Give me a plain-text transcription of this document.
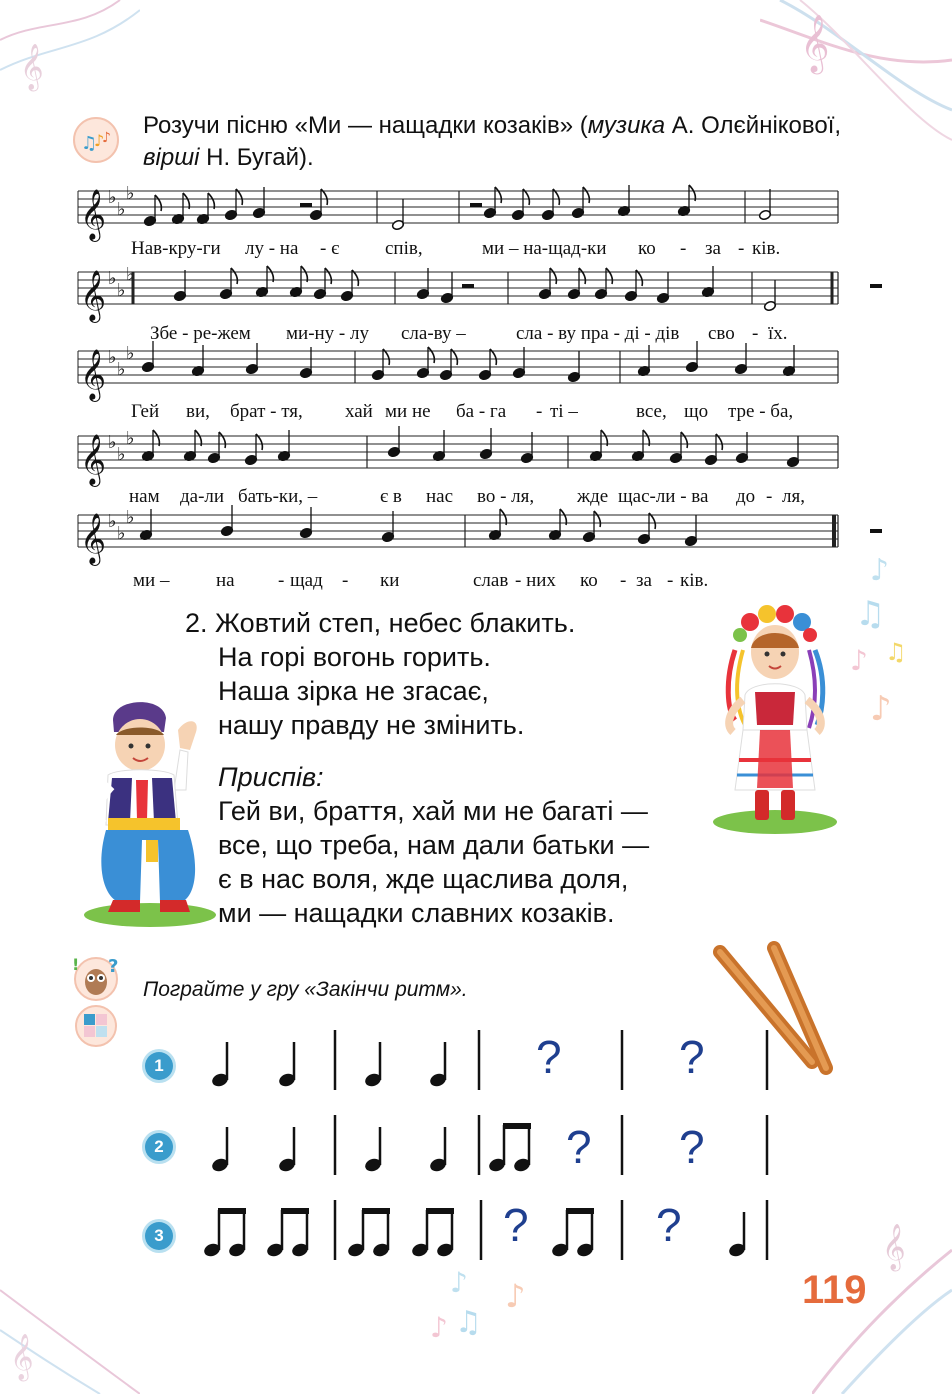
𝄞	𝄞
𝄞
𝄞
♫
♪
♪ Розучи пісню «Ми — нащадки козаків» (музика А. Олєйнікової,
вірші Н. Бугай).
𝄞 ♭
♭
♭
𝄞 ♭
♭
♭
𝄞 ♭
♭
♭
𝄞 ♭
♭
♭
𝄞 ♭
♭
♭
Нав-кру-ги лу - на - є спів,	ми – на-щад-ки ко - за - ків.
Збе - ре-жем ми-ну - лу сла-ву –	сла - ву пра - ді - дів сво - їх.
Гей ви, брат - тя, хай ми не ба - га - ті –	все, що тре - ба,
нам да-ли бать-ки, –	є в нас во - ля, жде щас-ли - ва до - ля,
ми – на - щад - ки	слав - них ко - за - ків.	♪
♫
♪ ♫
♪
2. Жовтий степ, небес блакить.
На горі вогонь горить.
Наша зірка не згасає,
нашу правду не змінить.
Приспів:
Гей ви, браття, хай ми не багаті —
все, що треба, нам дали батьки —
є в нас воля, жде щаслива доля,
ми — нащадки славних козаків.
! ?
Пограйте у гру «Закінчи ритм».
1
2
3
?	?
? ?
?	?
♪
♪ ♫
♪	119
